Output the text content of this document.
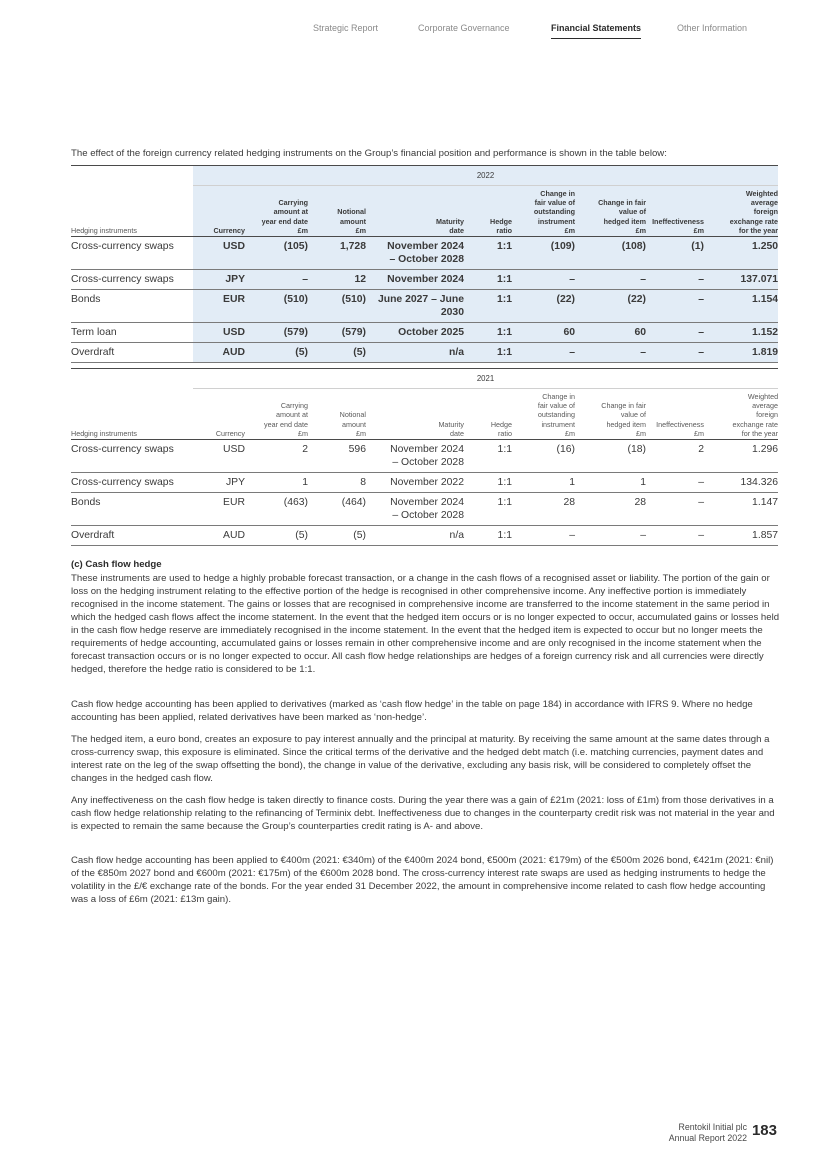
Strategic Report	Corporate Governance	Financial Statements	Other Information

The effect of the foreign currency related hedging instruments on the Group’s financial position and performance is shown in the table below:

	2022								
Hedging instruments	Currency	Carrying
amount at
year end date
£m	Notional
amount
£m	Maturity
date	Hedge
ratio	Change in
fair value of
outstanding
instrument
£m	Change in fair
value of
hedged item
£m	Ineffectiveness
£m	Weighted
average
foreign
exchange rate
for the year
Cross-currency swaps	USD	(105)	1,728	November 2024
– October 2028	1:1	(109)	(108)	(1)	1.250
Cross-currency swaps	JPY	–	12	November 2024	1:1	–	–	–	137.071
Bonds	EUR	(510)	(510)	June 2027 – June
2030	1:1	(22)	(22)	–	1.154
Term loan	USD	(579)	(579)	October 2025	1:1	60	60	–	1.152
Overdraft	AUD	(5)	(5)	n/a	1:1	–	–	–	1.819
	2021								
Hedging instruments	Currency	Carrying
amount at
year end date
£m	Notional
amount
£m	Maturity
date	Hedge
ratio	Change in
fair value of
outstanding
instrument
£m	Change in fair
value of
hedged item
£m	Ineffectiveness
£m	Weighted
average
foreign
exchange rate
for the year
Cross-currency swaps	USD	2	596	November 2024
– October 2028	1:1	(16)	(18)	2	1.296
Cross-currency swaps	JPY	1	8	November 2022	1:1	1	1	–	134.326
Bonds	EUR	(463)	(464)	November 2024
– October 2028	1:1	28	28	–	1.147
Overdraft	AUD	(5)	(5)	n/a	1:1	–	–	–	1.857
(c) Cash flow hedge

These instruments are used to hedge a highly probable forecast transaction, or a change in the cash flows of a recognised asset or liability. The portion of the gain or loss on the hedging instrument relating to the effective portion of the hedge is recognised in other comprehensive income. Any ineffective portion is immediately recognised in the income statement. The gains or losses that are recognised in comprehensive income are transferred to the income statement in the same period in which the hedged cash flows affect the income statement. In the event that the hedged item occurs or is no longer expected to occur, accumulated gains or losses held in the cash flow hedge reserve are immediately recognised in the income statement. In the event that the hedged item is expected to occur but no longer meets the requirements of hedge accounting, accumulated gains or losses remain in other comprehensive income and are only recognised in the income statement when the forecast transaction occurs or is no longer expected to occur. All cash flow hedge relationships are hedges of a foreign currency risk and all currencies were directly hedged, therefore the hedge ratio is considered to be 1:1.

Cash flow hedge accounting has been applied to derivatives (marked as ‘cash flow hedge’ in the table on page 184) in accordance with IFRS 9. Where no hedge accounting has been applied, related derivatives have been marked as ‘non-hedge’.

The hedged item, a euro bond, creates an exposure to pay interest annually and the principal at maturity. By receiving the same amount at the same dates through a cross-currency swap, this exposure is eliminated. Since the critical terms of the derivative and the hedged debt match (i.e. matching currencies, payment dates and interest rate on the leg of the swap offsetting the bond), the change in value of the derivative, excluding any basis risk, will be considered to completely offset the changes in the hedged cash flow.

Any ineffectiveness on the cash flow hedge is taken directly to finance costs. During the year there was a gain of £21m (2021: loss of £1m) from those derivatives in a cash flow hedge relationship relating to the refinancing of Terminix debt. Ineffectiveness due to changes in the counterparty credit risk was not material in the year and is expected to remain the same because the Group’s counterparties credit rating is A- and above.

Cash flow hedge accounting has been applied to €400m (2021: €340m) of the €400m 2024 bond, €500m (2021: €179m) of the €500m 2026 bond, €421m (2021: €nil) of the €850m 2027 bond and €600m (2021: €175m) of the €600m 2028 bond. The cross-currency interest rate swaps are used as hedging instruments to hedge the volatility in the £/€ exchange rate of the bonds. For the year ended 31 December 2022, the amount in comprehensive income related to cash flow hedge accounting was a loss of £6m (2021: £13m gain).

Rentokil Initial plc
Annual Report 2022 183
